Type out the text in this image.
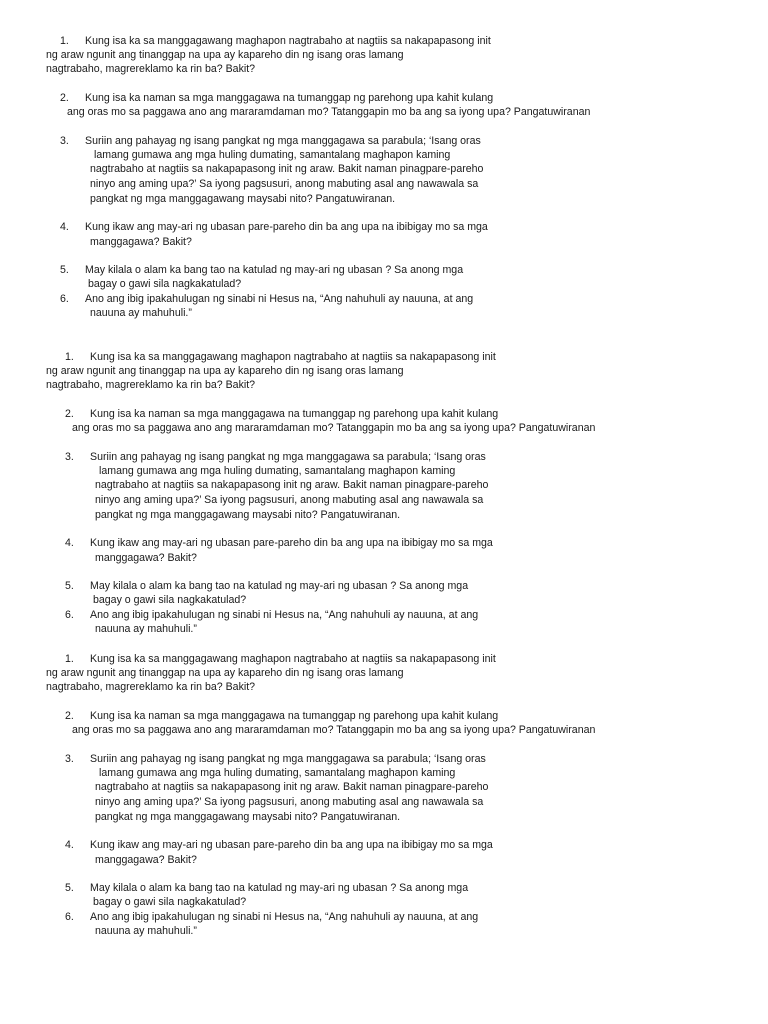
1. Kung isa ka sa manggagawang maghapon nagtrabaho at nagtiis sa nakapapasong init
ng araw ngunit ang tinanggap na upa ay kapareho din ng isang oras lamang
nagtrabaho, magrereklamo ka rin ba? Bakit?
2. Kung isa ka naman sa mga manggagawa na tumanggap ng parehong upa kahit kulang
ang oras mo sa paggawa ano ang mararamdaman mo? Tatanggapin mo ba ang sa iyong upa? Pangatuwiranan
3. Suriin ang pahayag ng isang pangkat ng mga manggagawa sa parabula; ‘Isang oras
lamang gumawa ang mga huling dumating, samantalang maghapon kaming
nagtrabaho at nagtiis sa nakapapasong init ng araw. Bakit naman pinagpare-pareho
ninyo ang aming upa?’ Sa iyong pagsusuri, anong mabuting asal ang nawawala sa
pangkat ng mga manggagawang maysabi nito? Pangatuwiranan.
4. Kung ikaw ang may-ari ng ubasan pare-pareho din ba ang upa na ibibigay mo sa mga
manggagawa? Bakit?
5. May kilala o alam ka bang tao na katulad ng may-ari ng ubasan ? Sa anong mga
bagay o gawi sila nagkakatulad?
6. Ano ang ibig ipakahulugan ng sinabi ni Hesus na, “Ang nahuhuli ay nauuna, at ang
nauuna ay mahuhuli.”
1. Kung isa ka sa manggagawang maghapon nagtrabaho at nagtiis sa nakapapasong init
ng araw ngunit ang tinanggap na upa ay kapareho din ng isang oras lamang
nagtrabaho, magrereklamo ka rin ba? Bakit?
2. Kung isa ka naman sa mga manggagawa na tumanggap ng parehong upa kahit kulang
ang oras mo sa paggawa ano ang mararamdaman mo? Tatanggapin mo ba ang sa iyong upa? Pangatuwiranan
3. Suriin ang pahayag ng isang pangkat ng mga manggagawa sa parabula; ‘Isang oras
lamang gumawa ang mga huling dumating, samantalang maghapon kaming
nagtrabaho at nagtiis sa nakapapasong init ng araw. Bakit naman pinagpare-pareho
ninyo ang aming upa?’ Sa iyong pagsusuri, anong mabuting asal ang nawawala sa
pangkat ng mga manggagawang maysabi nito? Pangatuwiranan.
4. Kung ikaw ang may-ari ng ubasan pare-pareho din ba ang upa na ibibigay mo sa mga
manggagawa? Bakit?
5. May kilala o alam ka bang tao na katulad ng may-ari ng ubasan ? Sa anong mga
bagay o gawi sila nagkakatulad?
6. Ano ang ibig ipakahulugan ng sinabi ni Hesus na, “Ang nahuhuli ay nauuna, at ang
nauuna ay mahuhuli.”
1. Kung isa ka sa manggagawang maghapon nagtrabaho at nagtiis sa nakapapasong init
ng araw ngunit ang tinanggap na upa ay kapareho din ng isang oras lamang
nagtrabaho, magrereklamo ka rin ba? Bakit?
2. Kung isa ka naman sa mga manggagawa na tumanggap ng parehong upa kahit kulang
ang oras mo sa paggawa ano ang mararamdaman mo? Tatanggapin mo ba ang sa iyong upa? Pangatuwiranan
3. Suriin ang pahayag ng isang pangkat ng mga manggagawa sa parabula; ‘Isang oras
lamang gumawa ang mga huling dumating, samantalang maghapon kaming
nagtrabaho at nagtiis sa nakapapasong init ng araw. Bakit naman pinagpare-pareho
ninyo ang aming upa?’ Sa iyong pagsusuri, anong mabuting asal ang nawawala sa
pangkat ng mga manggagawang maysabi nito? Pangatuwiranan.
4. Kung ikaw ang may-ari ng ubasan pare-pareho din ba ang upa na ibibigay mo sa mga
manggagawa? Bakit?
5. May kilala o alam ka bang tao na katulad ng may-ari ng ubasan ? Sa anong mga
bagay o gawi sila nagkakatulad?
6. Ano ang ibig ipakahulugan ng sinabi ni Hesus na, “Ang nahuhuli ay nauuna, at ang
nauuna ay mahuhuli.”
